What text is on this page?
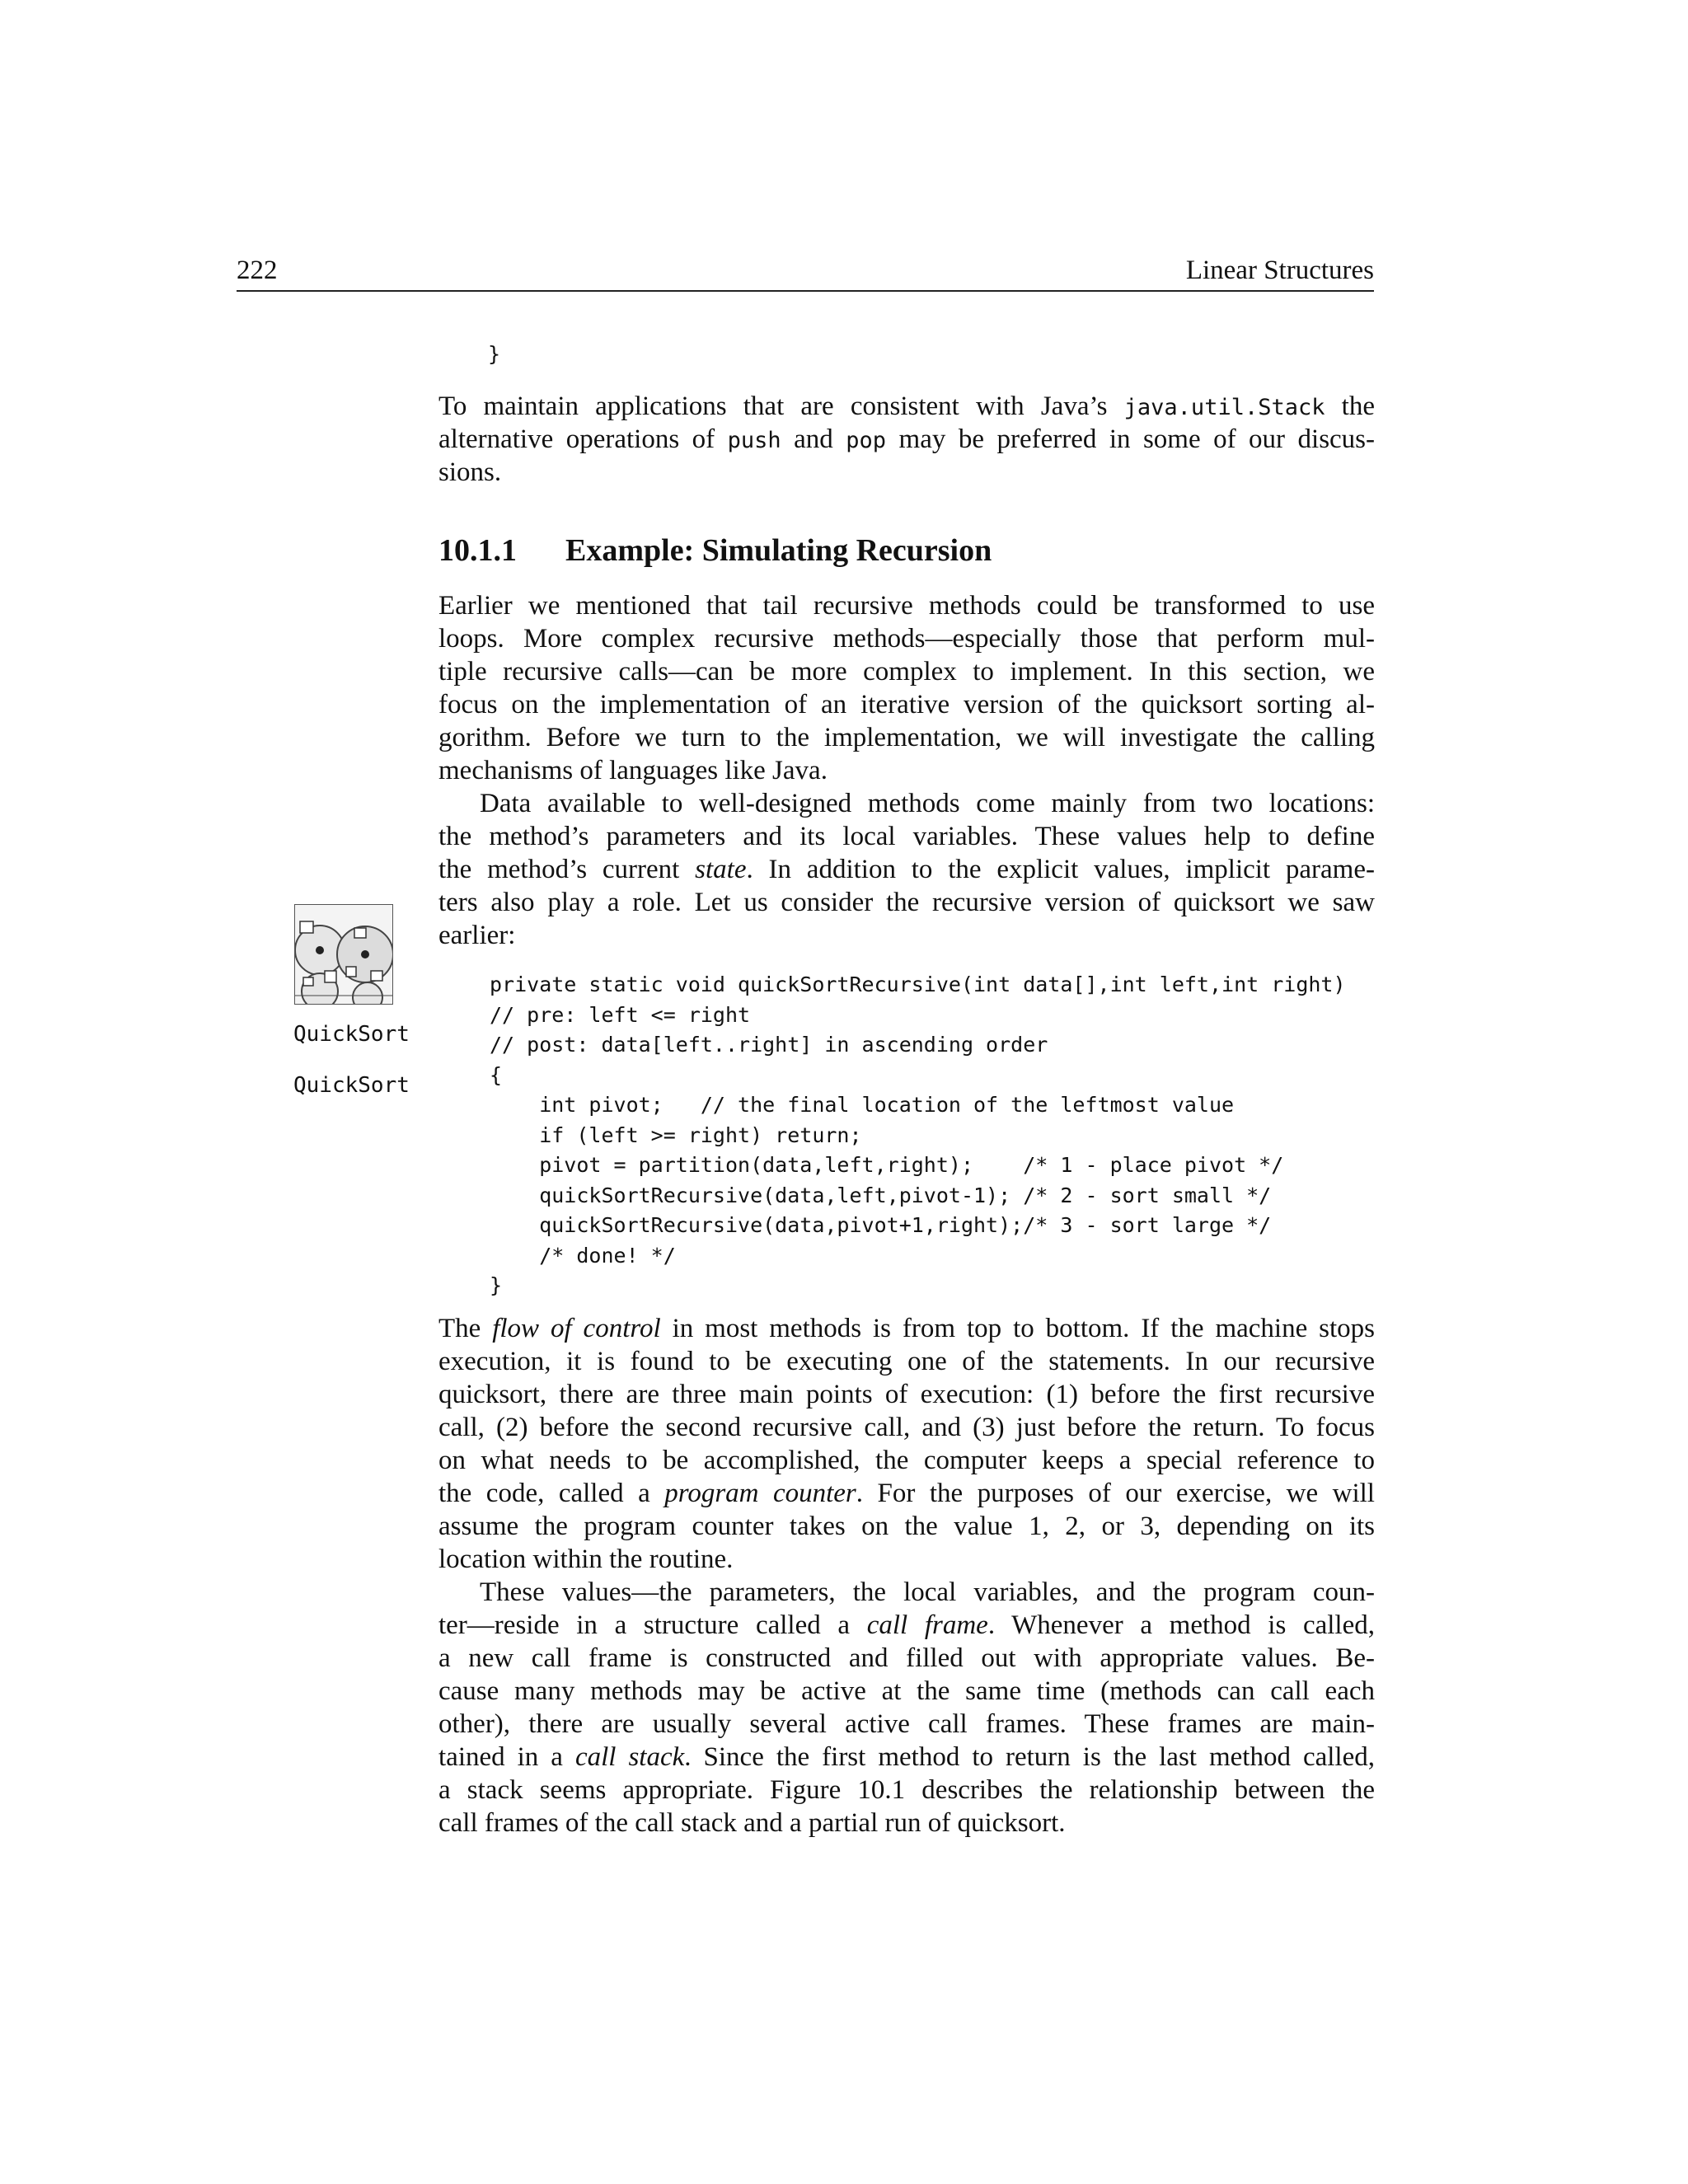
222	Linear Structures
}
To maintain applications that are consistent with Java’s java.util.Stack the
alternative operations of push and pop may be preferred in some of our discus-
sions.
10.1.1 Example: Simulating Recursion
Earlier we mentioned that tail recursive methods could be transformed to use
loops. More complex recursive methods—especially those that perform mul-
tiple recursive calls—can be more complex to implement. In this section, we
focus on the implementation of an iterative version of the quicksort sorting al-
gorithm. Before we turn to the implementation, we will investigate the calling
mechanisms of languages like Java.
Data available to well-designed methods come mainly from two locations:
the method’s parameters and its local variables. These values help to define
the method’s current state. In addition to the explicit values, implicit parame-
ters also play a role. Let us consider the recursive version of quicksort we saw
earlier:
QuickSort
QuickSort
private static void quickSortRecursive(int data[],int left,int right)
// pre: left <= right
// post: data[left..right] in ascending order
{
int pivot;   // the final location of the leftmost value
if (left >= right) return;
pivot = partition(data,left,right);    /* 1 - place pivot */
quickSortRecursive(data,left,pivot-1); /* 2 - sort small */
quickSortRecursive(data,pivot+1,right);/* 3 - sort large */
/* done! */
}
The flow of control in most methods is from top to bottom. If the machine stops
execution, it is found to be executing one of the statements. In our recursive
quicksort, there are three main points of execution: (1) before the first recursive
call, (2) before the second recursive call, and (3) just before the return. To focus
on what needs to be accomplished, the computer keeps a special reference to
the code, called a program counter. For the purposes of our exercise, we will
assume the program counter takes on the value 1, 2, or 3, depending on its
location within the routine.
These values—the parameters, the local variables, and the program coun-
ter—reside in a structure called a call frame. Whenever a method is called,
a new call frame is constructed and filled out with appropriate values. Be-
cause many methods may be active at the same time (methods can call each
other), there are usually several active call frames. These frames are main-
tained in a call stack. Since the first method to return is the last method called,
a stack seems appropriate. Figure 10.1 describes the relationship between the
call frames of the call stack and a partial run of quicksort.
